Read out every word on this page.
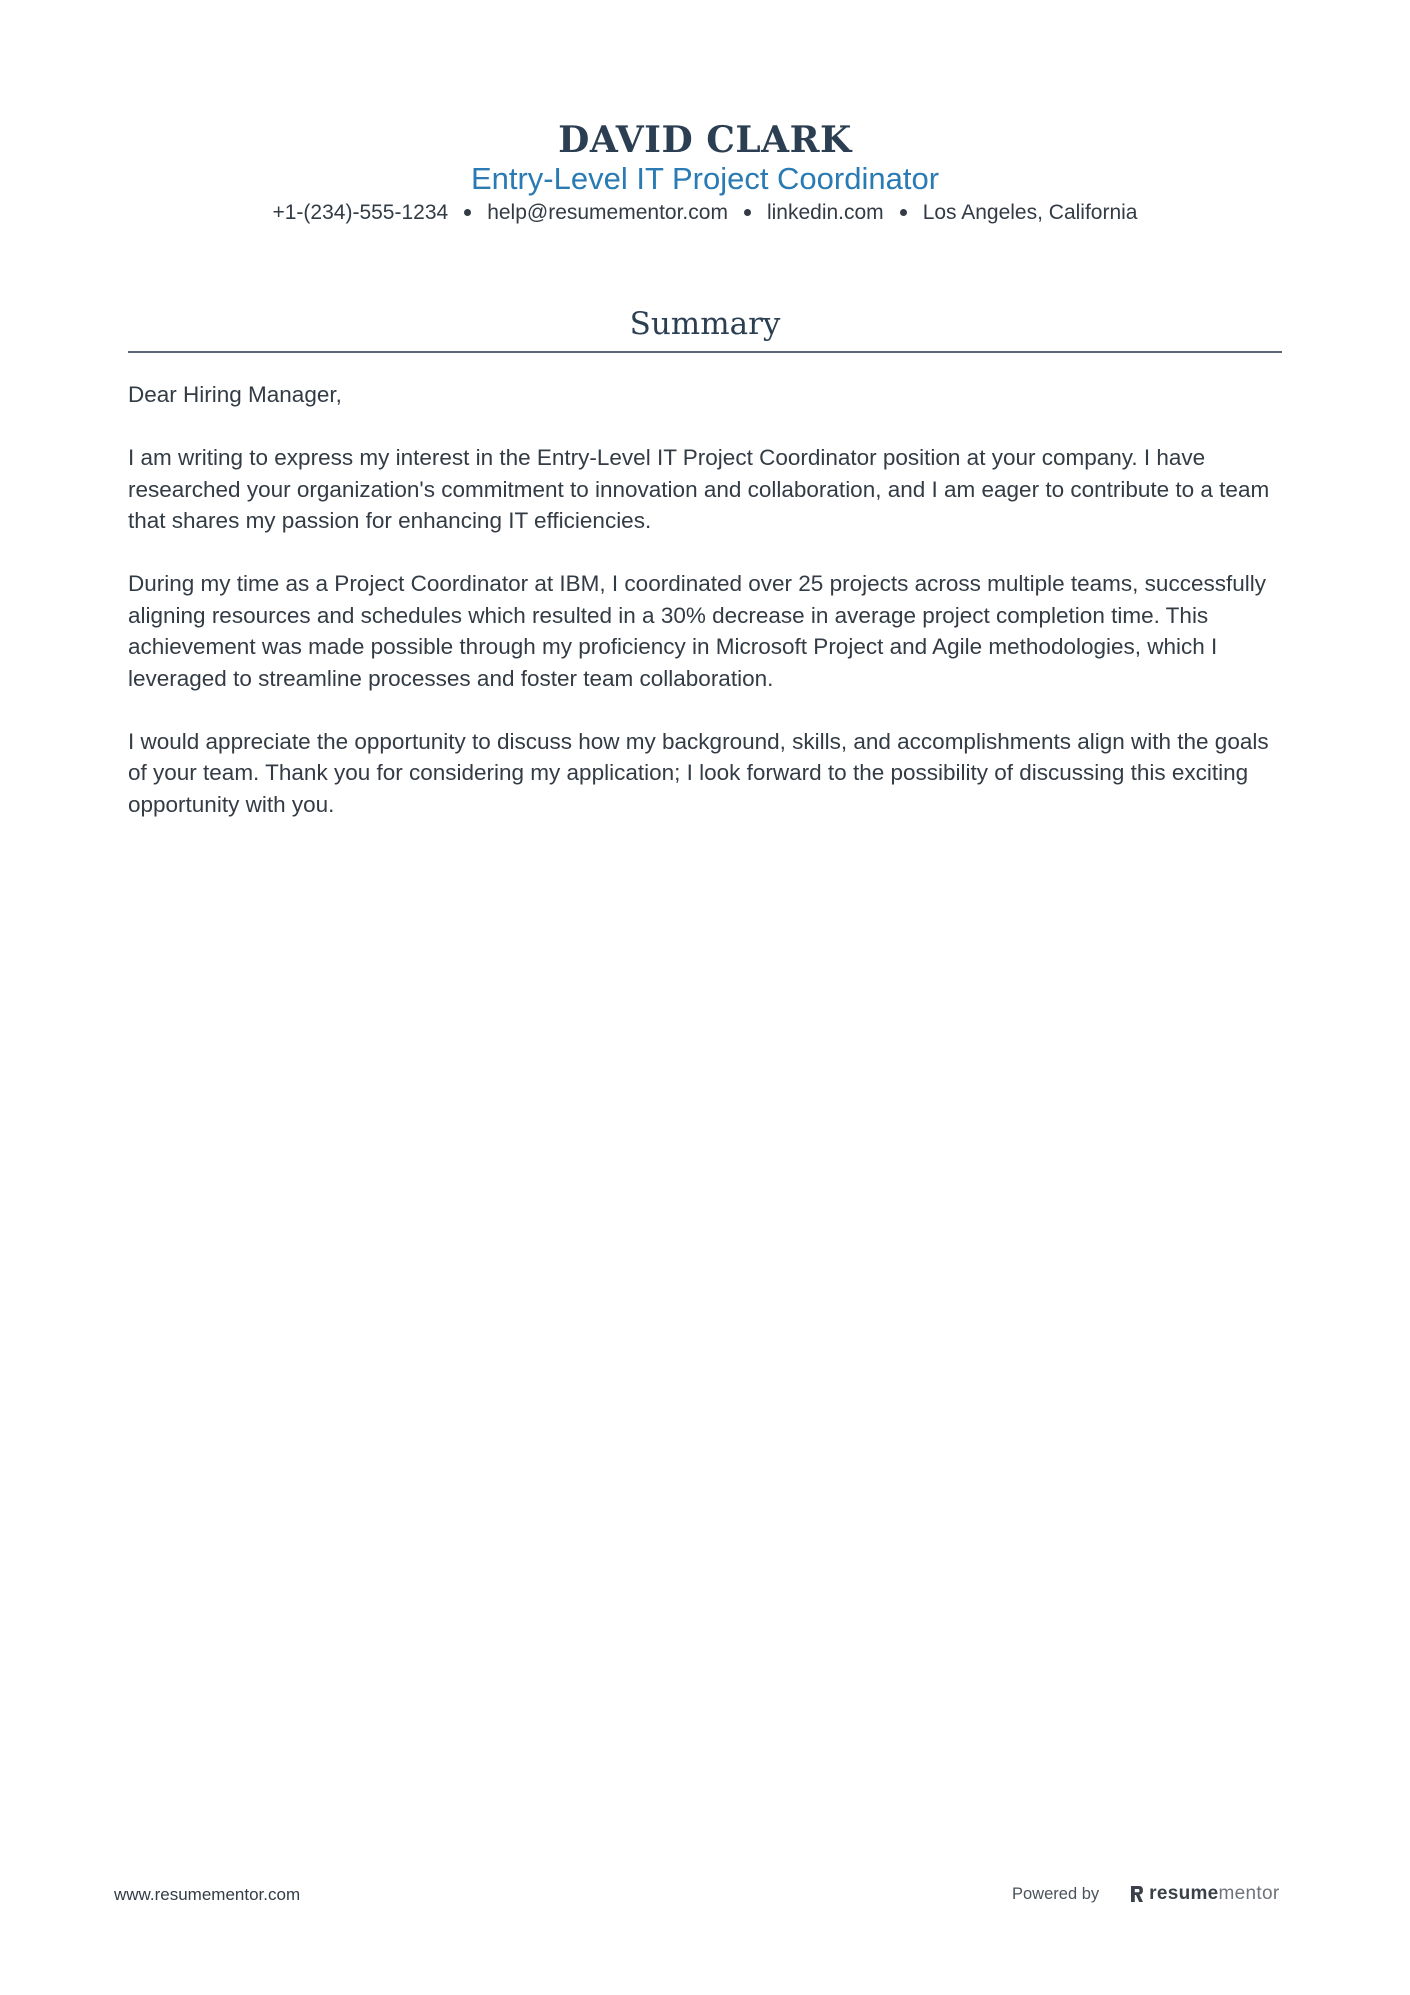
DAVID CLARK
Entry-Level IT Project Coordinator
+1-(234)-555-1234 help@resumementor.com linkedin.com Los Angeles, California
Summary

Dear Hiring Manager,

I am writing to express my interest in the Entry-Level IT Project Coordinator position at your company. I have researched your organization's commitment to innovation and collaboration, and I am eager to contribute to a team that shares my passion for enhancing IT efficiencies.

During my time as a Project Coordinator at IBM, I coordinated over 25 projects across multiple teams, successfully aligning resources and schedules which resulted in a 30% decrease in average project completion time. This achievement was made possible through my proficiency in Microsoft Project and Agile methodologies, which I leveraged to streamline processes and foster team collaboration.

I would appreciate the opportunity to discuss how my background, skills, and accomplishments align with the goals of your team. Thank you for considering my application; I look forward to the possibility of discussing this exciting opportunity with you.

www.resumementor.com	Powered by	resume mentor
